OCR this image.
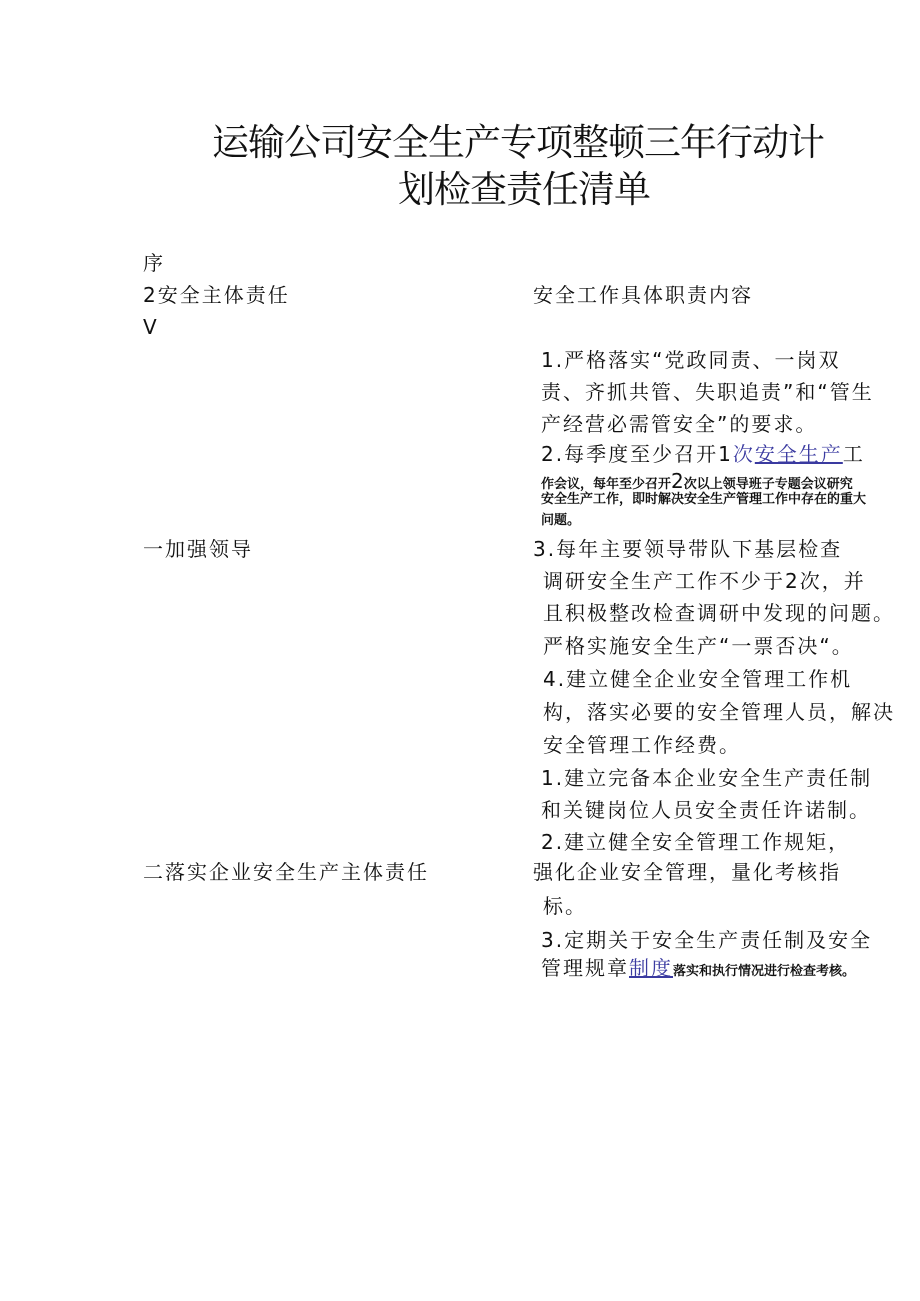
运输公司安全生产专项整顿三年行动计
划检查责任清单
序
2安全主体责任
V
安全工作具体职责内容
一加强领导
1.严格落实“党政同责、一岗双
责、齐抓共管、失职追责”和“管生
产经营必需管安全”的要求。
2.每季度至少召开1次安全生产工
作会议，每年至少召开2次以上领导班子专题会议研究
安全生产工作，即时解决安全生产管理工作中存在的重大
问题。
3.每年主要领导带队下基层检查
调研安全生产工作不少于2次，并
且积极整改检查调研中发现的问题。
严格实施安全生产“一票否决“。
4.建立健全企业安全管理工作机
构，落实必要的安全管理人员，解决
安全管理工作经费。
二落实企业安全生产主体责任
1.建立完备本企业安全生产责任制
和关键岗位人员安全责任许诺制。
2.建立健全安全管理工作规矩，
强化企业安全管理，量化考核指
标。
3.定期关于安全生产责任制及安全
管理规章制度落实和执行情况进行检查考核。
